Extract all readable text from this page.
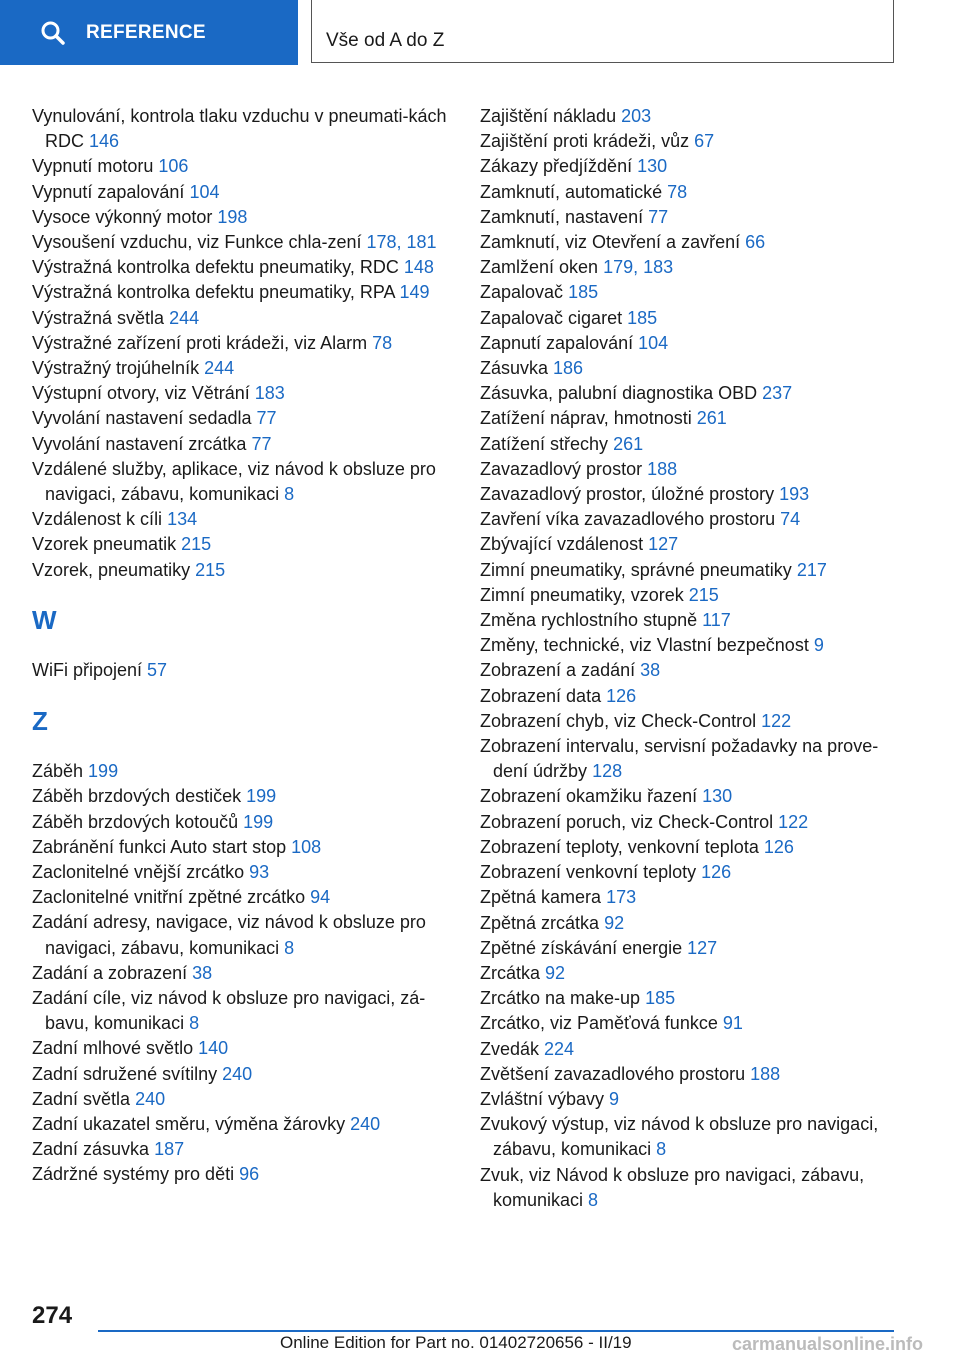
REFERENCE	Vše od A do Z

Vynulování, kontrola tlaku vzduchu v pneumati-kách RDC 146

Vypnutí motoru 106

Vypnutí zapalování 104

Vysoce výkonný motor 198

Vysoušení vzduchu, viz Funkce chla-zení 178, 181

Výstražná kontrolka defektu pneumatiky, RDC 148

Výstražná kontrolka defektu pneumatiky, RPA 149

Výstražná světla 244

Výstražné zařízení proti krádeži, viz Alarm 78

Výstražný trojúhelník 244

Výstupní otvory, viz Větrání 183

Vyvolání nastavení sedadla 77

Vyvolání nastavení zrcátka 77

Vzdálené služby, aplikace, viz návod k obsluze pro navigaci, zábavu, komunikaci 8

Vzdálenost k cíli 134

Vzorek pneumatik 215

Vzorek, pneumatiky 215

W

WiFi připojení 57

Z

Záběh 199

Záběh brzdových destiček 199

Záběh brzdových kotoučů 199

Zabránění funkci Auto start stop 108

Zaclonitelné vnější zrcátko 93

Zaclonitelné vnitřní zpětné zrcátko 94

Zadání adresy, navigace, viz návod k obsluze pro navigaci, zábavu, komunikaci 8

Zadání a zobrazení 38

Zadání cíle, viz návod k obsluze pro navigaci, zá-bavu, komunikaci 8

Zadní mlhové světlo 140

Zadní sdružené svítilny 240

Zadní světla 240

Zadní ukazatel směru, výměna žárovky 240

Zadní zásuvka 187

Zádržné systémy pro děti 96

Zajištění nákladu 203

Zajištění proti krádeži, vůz 67

Zákazy předjíždění 130

Zamknutí, automatické 78

Zamknutí, nastavení 77

Zamknutí, viz Otevření a zavření 66

Zamlžení oken 179, 183

Zapalovač 185

Zapalovač cigaret 185

Zapnutí zapalování 104

Zásuvka 186

Zásuvka, palubní diagnostika OBD 237

Zatížení náprav, hmotnosti 261

Zatížení střechy 261

Zavazadlový prostor 188

Zavazadlový prostor, úložné prostory 193

Zavření víka zavazadlového prostoru 74

Zbývající vzdálenost 127

Zimní pneumatiky, správné pneumatiky 217

Zimní pneumatiky, vzorek 215

Změna rychlostního stupně 117

Změny, technické, viz Vlastní bezpečnost 9

Zobrazení a zadání 38

Zobrazení data 126

Zobrazení chyb, viz Check-Control 122

Zobrazení intervalu, servisní požadavky na prove-dení údržby 128

Zobrazení okamžiku řazení 130

Zobrazení poruch, viz Check-Control 122

Zobrazení teploty, venkovní teplota 126

Zobrazení venkovní teploty 126

Zpětná kamera 173

Zpětná zrcátka 92

Zpětné získávání energie 127

Zrcátka 92

Zrcátko na make-up 185

Zrcátko, viz Paměťová funkce 91

Zvedák 224

Zvětšení zavazadlového prostoru 188

Zvláštní výbavy 9

Zvukový výstup, viz návod k obsluze pro navigaci, zábavu, komunikaci 8

Zvuk, viz Návod k obsluze pro navigaci, zábavu, komunikaci 8

274
Online Edition for Part no. 01402720656 - II/19	carmanualsonline.info
